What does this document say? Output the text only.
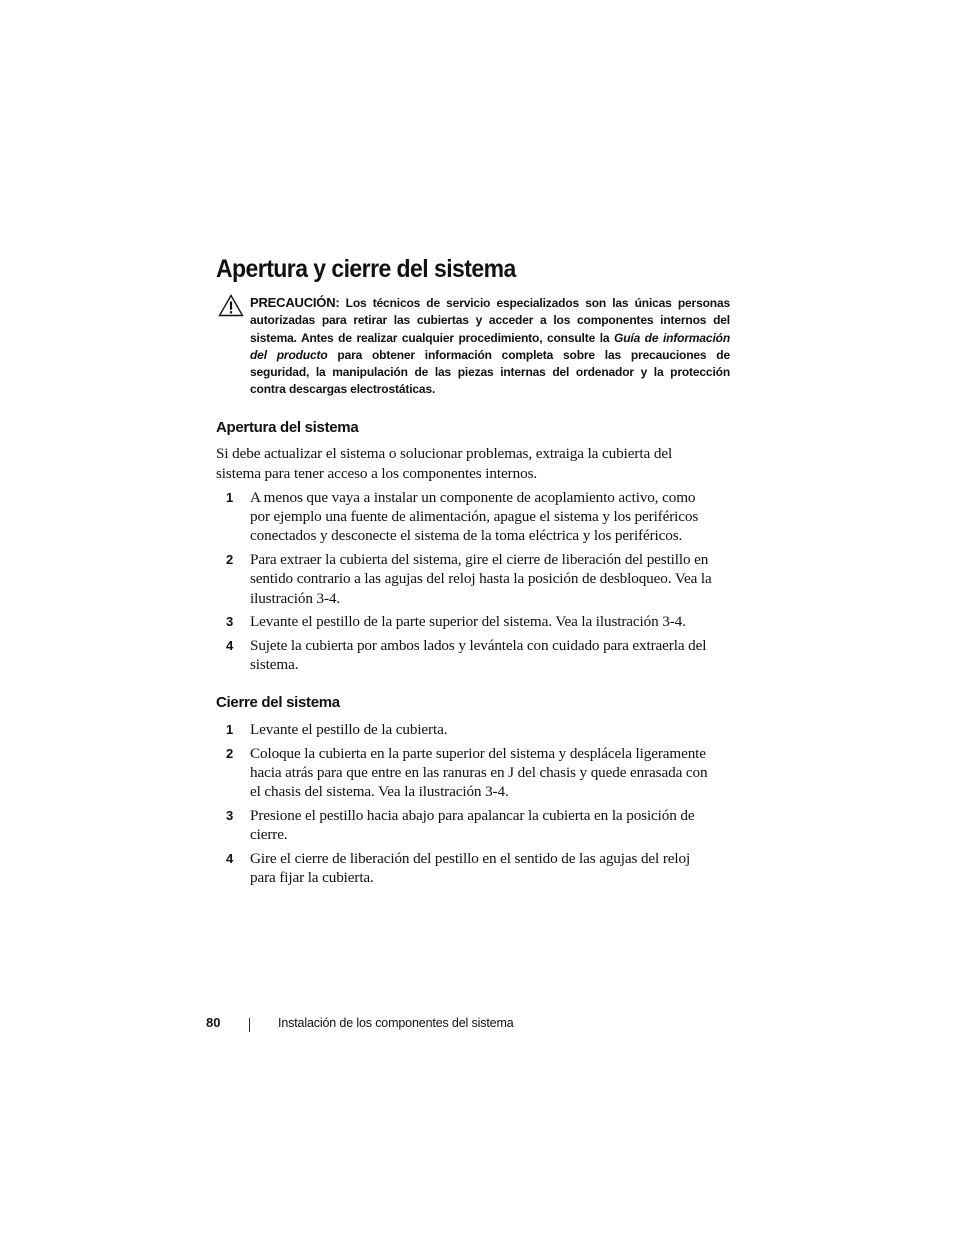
Apertura y cierre del sistema

PRECAUCIÓN: Los técnicos de servicio especializados son las únicas personas autorizadas para retirar las cubiertas y acceder a los componentes internos del sistema. Antes de realizar cualquier procedimiento, consulte la Guía de información del producto para obtener información completa sobre las precauciones de seguridad, la manipulación de las piezas internas del ordenador y la protección contra descargas electrostáticas.

Apertura del sistema

Si debe actualizar el sistema o solucionar problemas, extraiga la cubierta del sistema para tener acceso a los componentes internos.

1 A menos que vaya a instalar un componente de acoplamiento activo, como por ejemplo una fuente de alimentación, apague el sistema y los periféricos conectados y desconecte el sistema de la toma eléctrica y los periféricos.
2 Para extraer la cubierta del sistema, gire el cierre de liberación del pestillo en sentido contrario a las agujas del reloj hasta la posición de desbloqueo. Vea la ilustración 3-4.
3 Levante el pestillo de la parte superior del sistema. Vea la ilustración 3-4.
4 Sujete la cubierta por ambos lados y levántela con cuidado para extraerla del sistema.
Cierre del sistema
1 Levante el pestillo de la cubierta.
2 Coloque la cubierta en la parte superior del sistema y desplácela ligeramente hacia atrás para que entre en las ranuras en J del chasis y quede enrasada con el chasis del sistema. Vea la ilustración 3-4.
3 Presione el pestillo hacia abajo para apalancar la cubierta en la posición de cierre.
4 Gire el cierre de liberación del pestillo en el sentido de las agujas del reloj para fijar la cubierta.
80	Instalación de los componentes del sistema
